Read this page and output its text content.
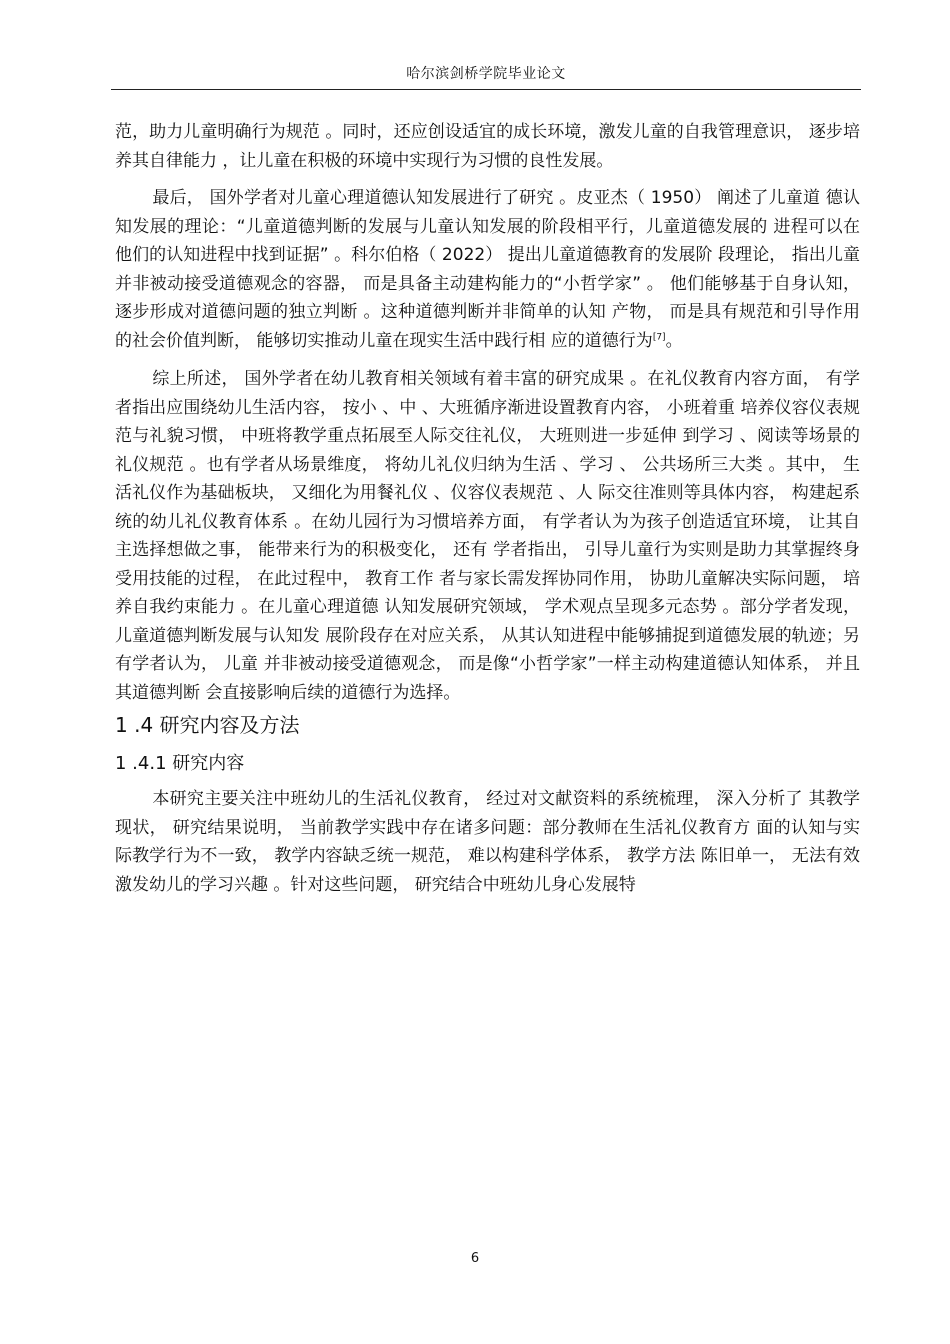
哈尔滨剑桥学院毕业论文

范，助力儿童明确行为规范 。同时，还应创设适宜的成长环境，激发儿童的自我管理意识， 逐步培养其自律能力 ，让儿童在积极的环境中实现行为习惯的良性发展。

最后， 国外学者对儿童心理道德认知发展进行了研究 。皮亚杰（ 1950） 阐述了儿童道 德认知发展的理论：“儿童道德判断的发展与儿童认知发展的阶段相平行，儿童道德发展的 进程可以在他们的认知进程中找到证据” 。科尔伯格（ 2022） 提出儿童道德教育的发展阶 段理论， 指出儿童并非被动接受道德观念的容器， 而是具备主动建构能力的“小哲学家” 。 他们能够基于自身认知， 逐步形成对道德问题的独立判断 。这种道德判断并非简单的认知 产物， 而是具有规范和引导作用的社会价值判断， 能够切实推动儿童在现实生活中践行相 应的道德行为[7]。

综上所述， 国外学者在幼儿教育相关领域有着丰富的研究成果 。在礼仪教育内容方面， 有学者指出应围绕幼儿生活内容， 按小 、中 、大班循序渐进设置教育内容， 小班着重 培养仪容仪表规范与礼貌习惯， 中班将教学重点拓展至人际交往礼仪， 大班则进一步延伸 到学习 、阅读等场景的礼仪规范 。也有学者从场景维度， 将幼儿礼仪归纳为生活 、学习 、 公共场所三大类 。其中， 生活礼仪作为基础板块， 又细化为用餐礼仪 、仪容仪表规范 、人 际交往准则等具体内容， 构建起系统的幼儿礼仪教育体系 。在幼儿园行为习惯培养方面， 有学者认为为孩子创造适宜环境， 让其自主选择想做之事， 能带来行为的积极变化， 还有 学者指出， 引导儿童行为实则是助力其掌握终身受用技能的过程， 在此过程中， 教育工作 者与家长需发挥协同作用， 协助儿童解决实际问题， 培养自我约束能力 。在儿童心理道德 认知发展研究领域， 学术观点呈现多元态势 。部分学者发现， 儿童道德判断发展与认知发 展阶段存在对应关系， 从其认知进程中能够捕捉到道德发展的轨迹；另有学者认为， 儿童 并非被动接受道德观念， 而是像“小哲学家”一样主动构建道德认知体系， 并且其道德判断 会直接影响后续的道德行为选择。

1 .4 研究内容及方法
1 .4.1 研究内容

本研究主要关注中班幼儿的生活礼仪教育， 经过对文献资料的系统梳理， 深入分析了 其教学现状， 研究结果说明， 当前教学实践中存在诸多问题：部分教师在生活礼仪教育方 面的认知与实际教学行为不一致， 教学内容缺乏统一规范， 难以构建科学体系， 教学方法 陈旧单一， 无法有效激发幼儿的学习兴趣 。针对这些问题， 研究结合中班幼儿身心发展特

6
